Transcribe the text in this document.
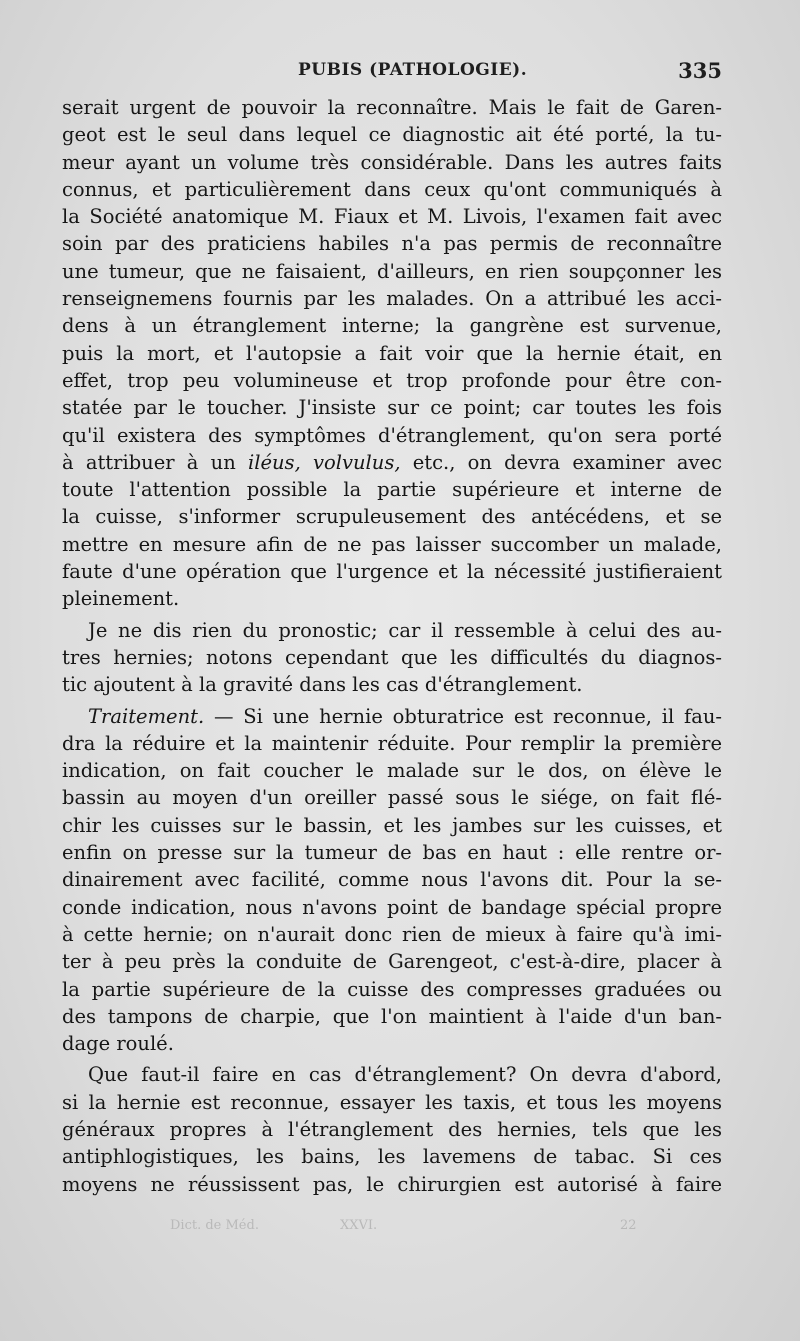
PUBIS (PATHOLOGIE).	335
serait urgent de pouvoir la reconnaître. Mais le fait de Garen-
geot est le seul dans lequel ce diagnostic ait été porté, la tu-
meur ayant un volume très considérable. Dans les autres faits
connus, et particulièrement dans ceux qu'ont communiqués à
la Société anatomique M. Fiaux et M. Livois, l'examen fait avec
soin par des praticiens habiles n'a pas permis de reconnaître
une tumeur, que ne faisaient, d'ailleurs, en rien soupçonner les
renseignemens fournis par les malades. On a attribué les acci-
dens à un étranglement interne; la gangrène est survenue,
puis la mort, et l'autopsie a fait voir que la hernie était, en
effet, trop peu volumineuse et trop profonde pour être con-
statée par le toucher. J'insiste sur ce point; car toutes les fois
qu'il existera des symptômes d'étranglement, qu'on sera porté
à attribuer à un iléus, volvulus, etc., on devra examiner avec
toute l'attention possible la partie supérieure et interne de
la cuisse, s'informer scrupuleusement des antécédens, et se
mettre en mesure afin de ne pas laisser succomber un malade,
faute d'une opération que l'urgence et la nécessité justifieraient
pleinement.
Je ne dis rien du pronostic; car il ressemble à celui des au-
tres hernies; notons cependant que les difficultés du diagnos-
tic ajoutent à la gravité dans les cas d'étranglement.
Traitement. — Si une hernie obturatrice est reconnue, il fau-
dra la réduire et la maintenir réduite. Pour remplir la première
indication, on fait coucher le malade sur le dos, on élève le
bassin au moyen d'un oreiller passé sous le siége, on fait flé-
chir les cuisses sur le bassin, et les jambes sur les cuisses, et
enfin on presse sur la tumeur de bas en haut : elle rentre or-
dinairement avec facilité, comme nous l'avons dit. Pour la se-
conde indication, nous n'avons point de bandage spécial propre
à cette hernie; on n'aurait donc rien de mieux à faire qu'à imi-
ter à peu près la conduite de Garengeot, c'est-à-dire, placer à
la partie supérieure de la cuisse des compresses graduées ou
des tampons de charpie, que l'on maintient à l'aide d'un ban-
dage roulé.
Que faut-il faire en cas d'étranglement? On devra d'abord,
si la hernie est reconnue, essayer les taxis, et tous les moyens
généraux propres à l'étranglement des hernies, tels que les
antiphlogistiques, les bains, les lavemens de tabac. Si ces
moyens ne réussissent pas, le chirurgien est autorisé à faire
Dict. de Méd.	XXVI.	22
